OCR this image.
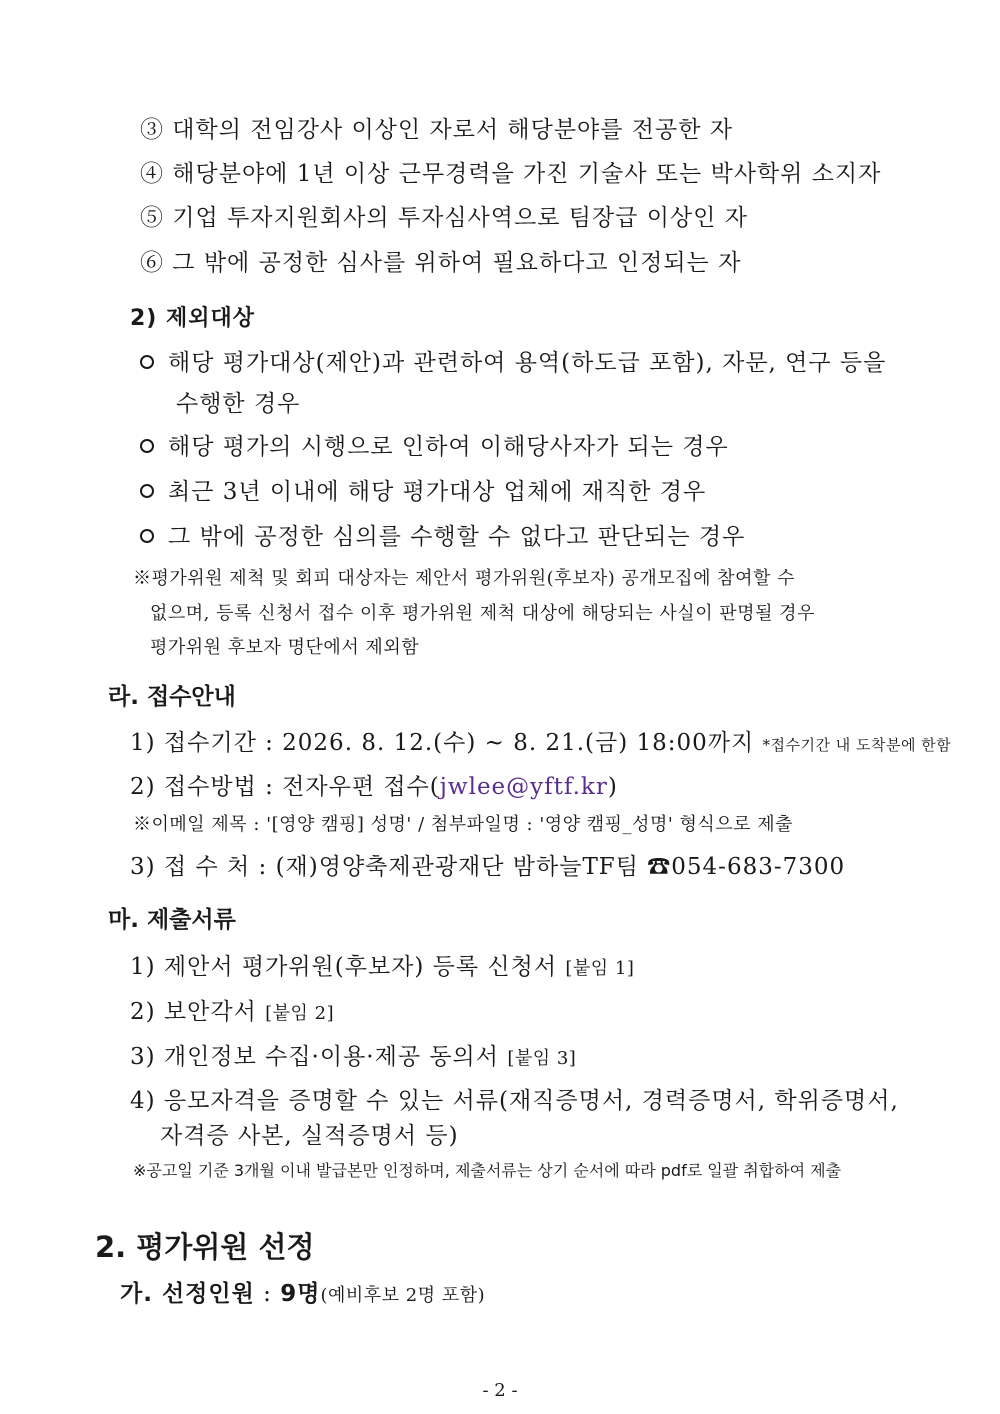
③ 대학의 전임강사 이상인 자로서 해당분야를 전공한 자
④ 해당분야에 1년 이상 근무경력을 가진 기술사 또는 박사학위 소지자
⑤ 기업 투자지원회사의 투자심사역으로 팀장급 이상인 자
⑥ 그 밖에 공정한 심사를 위하여 필요하다고 인정되는 자
2) 제외대상
해당 평가대상(제안)과 관련하여 용역(하도급 포함), 자문, 연구 등을
수행한 경우
해당 평가의 시행으로 인하여 이해당사자가 되는 경우
최근 3년 이내에 해당 평가대상 업체에 재직한 경우
그 밖에 공정한 심의를 수행할 수 없다고 판단되는 경우
※평가위원 제척 및 회피 대상자는 제안서 평가위원(후보자) 공개모집에 참여할 수
없으며, 등록 신청서 접수 이후 평가위원 제척 대상에 해당되는 사실이 판명될 경우
평가위원 후보자 명단에서 제외함
라. 접수안내
1) 접수기간 : 2026. 8. 12.(수) ~ 8. 21.(금) 18:00까지 *접수기간 내 도착분에 한함
2) 접수방법 : 전자우편 접수(jwlee@yftf.kr)
※이메일 제목 : '[영양 캠핑] 성명' / 첨부파일명 : '영양 캠핑_성명' 형식으로 제출
3) 접 수 처 : (재)영양축제관광재단 밤하늘TF팀 ☎054-683-7300
마. 제출서류
1) 제안서 평가위원(후보자) 등록 신청서 [붙임 1]
2) 보안각서 [붙임 2]
3) 개인정보 수집·이용·제공 동의서 [붙임 3]
4) 응모자격을 증명할 수 있는 서류(재직증명서, 경력증명서, 학위증명서,
자격증 사본, 실적증명서 등)
※공고일 기준 3개월 이내 발급본만 인정하며, 제출서류는 상기 순서에 따라 pdf로 일괄 취합하여 제출
2. 평가위원 선정
가. 선정인원 : 9명(예비후보 2명 포함)
- 2 -
